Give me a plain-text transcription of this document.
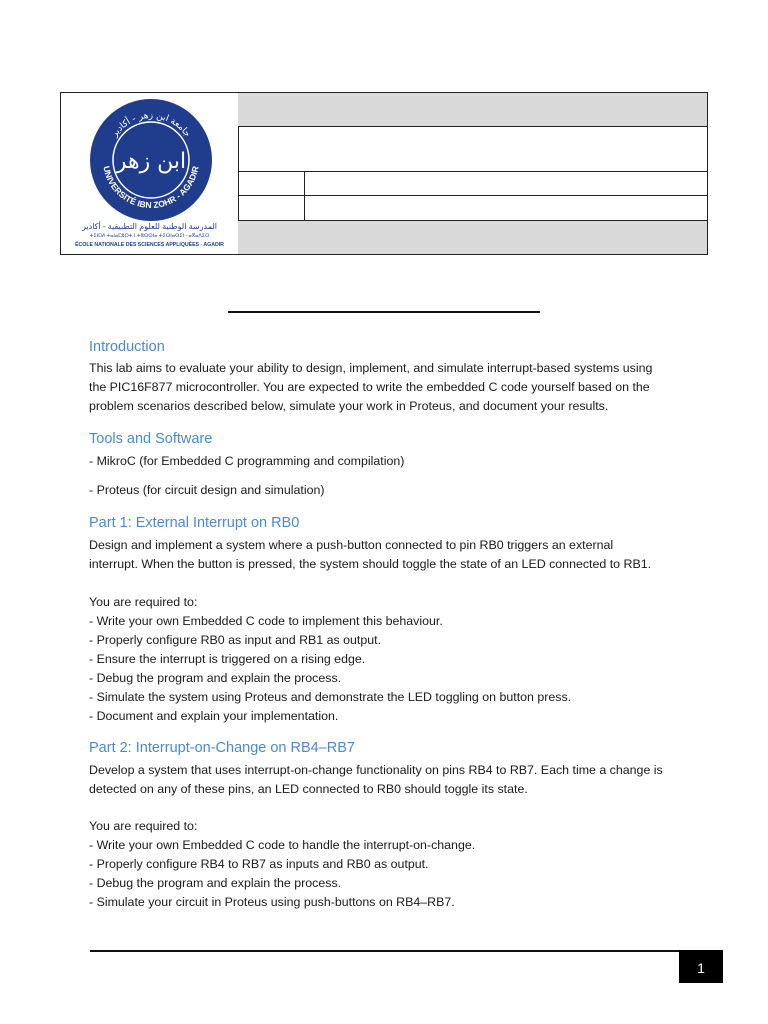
جامعة ابن زهر - أكادير
UNIVERSITÉ IBN ZOHR - AGADIR
ابن زهر
المدرسة الوطنية للعلوم التطبيقية - أكادير
ⵜⵉⵏⵎⵍ ⵜⴰⵏⴰⵎⵓⵔⵜ ⵏ ⵜⵓⵙⵙⵏⴰ ⵜⵉⵙⵏⴰⵙⵉⵏ - ⴰⴳⴰⴷⵉⵔ
ÉCOLE NATIONALE DES SCIENCES APPLIQUÉES - AGADIR
Introduction
This lab aims to evaluate your ability to design, implement, and simulate interrupt-based systems using
the PIC16F877 microcontroller. You are expected to write the embedded C code yourself based on the
problem scenarios described below, simulate your work in Proteus, and document your results.
Tools and Software
- MikroC (for Embedded C programming and compilation)
- Proteus (for circuit design and simulation)
Part 1: External Interrupt on RB0
Design and implement a system where a push-button connected to pin RB0 triggers an external
interrupt. When the button is pressed, the system should toggle the state of an LED connected to RB1.
You are required to:
- Write your own Embedded C code to implement this behaviour.
- Properly configure RB0 as input and RB1 as output.
- Ensure the interrupt is triggered on a rising edge.
- Debug the program and explain the process.
- Simulate the system using Proteus and demonstrate the LED toggling on button press.
- Document and explain your implementation.
Part 2: Interrupt-on-Change on RB4–RB7
Develop a system that uses interrupt-on-change functionality on pins RB4 to RB7. Each time a change is
detected on any of these pins, an LED connected to RB0 should toggle its state.
You are required to:
- Write your own Embedded C code to handle the interrupt-on-change.
- Properly configure RB4 to RB7 as inputs and RB0 as output.
- Debug the program and explain the process.
- Simulate your circuit in Proteus using push-buttons on RB4–RB7.
1
